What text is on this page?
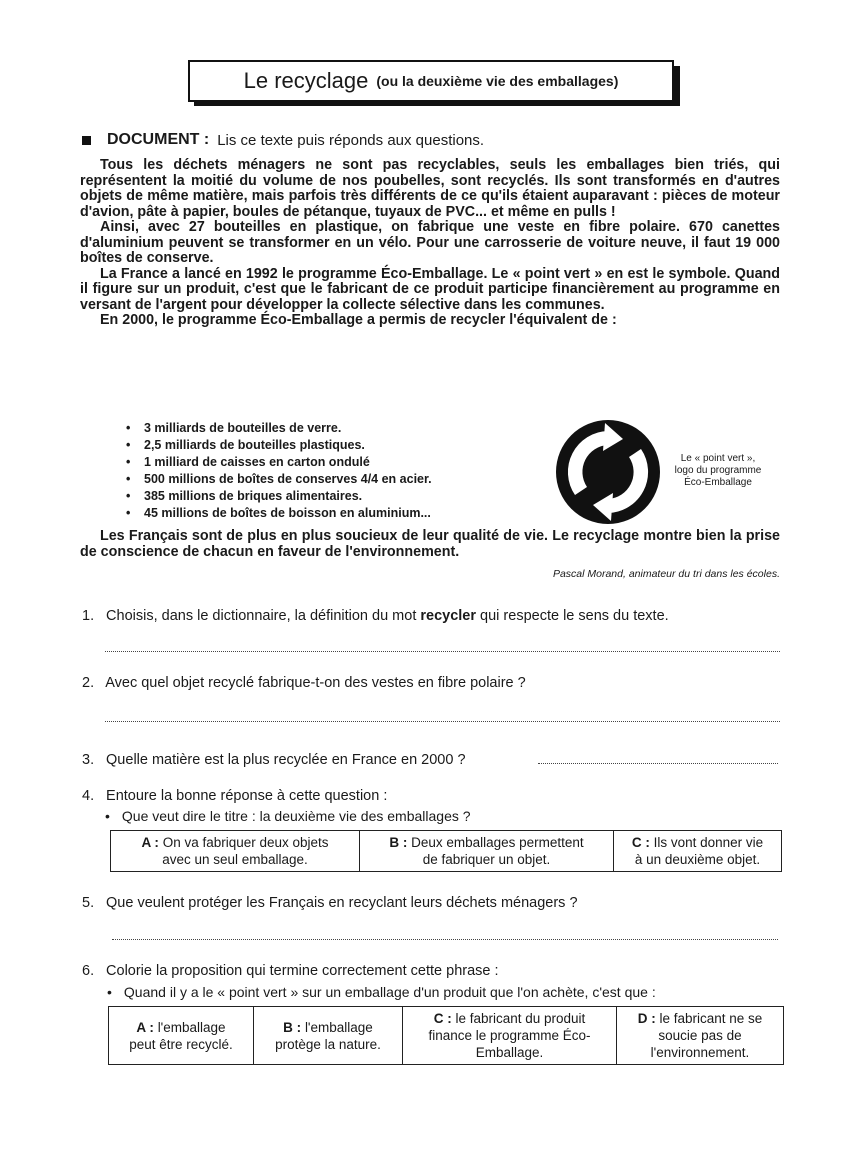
Le recyclage (ou la deuxième vie des emballages)
DOCUMENT : Lis ce texte puis réponds aux questions.

Tous les déchets ménagers ne sont pas recyclables, seuls les emballages bien triés, qui représentent la moitié du volume de nos poubelles, sont recyclés. Ils sont transformés en d'autres objets de même matière, mais parfois très différents de ce qu'ils étaient auparavant : pièces de moteur d'avion, pâte à papier, boules de pétanque, tuyaux de PVC... et même en pulls !

Ainsi, avec 27 bouteilles en plastique, on fabrique une veste en fibre polaire. 670 canettes d'aluminium peuvent se transformer en un vélo. Pour une carrosserie de voiture neuve, il faut 19 000 boîtes de conserve.

La France a lancé en 1992 le programme Éco-Emballage. Le « point vert » en est le symbole. Quand il figure sur un produit, c'est que le fabricant de ce produit participe financièrement au programme en versant de l'argent pour développer la collecte sélective dans les communes.

En 2000, le programme Éco-Emballage a permis de recycler l'équivalent de :

• 3 milliards de bouteilles de verre.
• 2,5 milliards de bouteilles plastiques.
• 1 milliard de caisses en carton ondulé
• 500 millions de boîtes de conserves 4/4 en acier.
• 385 millions de briques alimentaires.
• 45 millions de boîtes de boisson en aluminium...
Le « point vert »,
logo du programme
Éco-Emballage

Les Français sont de plus en plus soucieux de leur qualité de vie. Le recyclage montre bien la prise de conscience de chacun en faveur de l'environnement.

Pascal Morand, animateur du tri dans les écoles.
1. Choisis, dans le dictionnaire, la définition du mot recycler qui respecte le sens du texte.
2. Avec quel objet recyclé fabrique-t-on des vestes en fibre polaire ?
3. Quelle matière est la plus recyclée en France en 2000 ?
4. Entoure la bonne réponse à cette question :
• Que veut dire le titre : la deuxième vie des emballages ?
A : On va fabriquer deux objets
avec un seul emballage.	B : Deux emballages permettent
de fabriquer un objet.	C : Ils vont donner vie
à un deuxième objet.
5. Que veulent protéger les Français en recyclant leurs déchets ménagers ?
6. Colorie la proposition qui termine correctement cette phrase :
• Quand il y a le « point vert » sur un emballage d'un produit que l'on achète, c'est que :
A : l'emballage
peut être recyclé.	B : l'emballage
protège la nature.	C : le fabricant du produit
finance le programme Éco-
Emballage.	D : le fabricant ne se
soucie pas de
l'environnement.
